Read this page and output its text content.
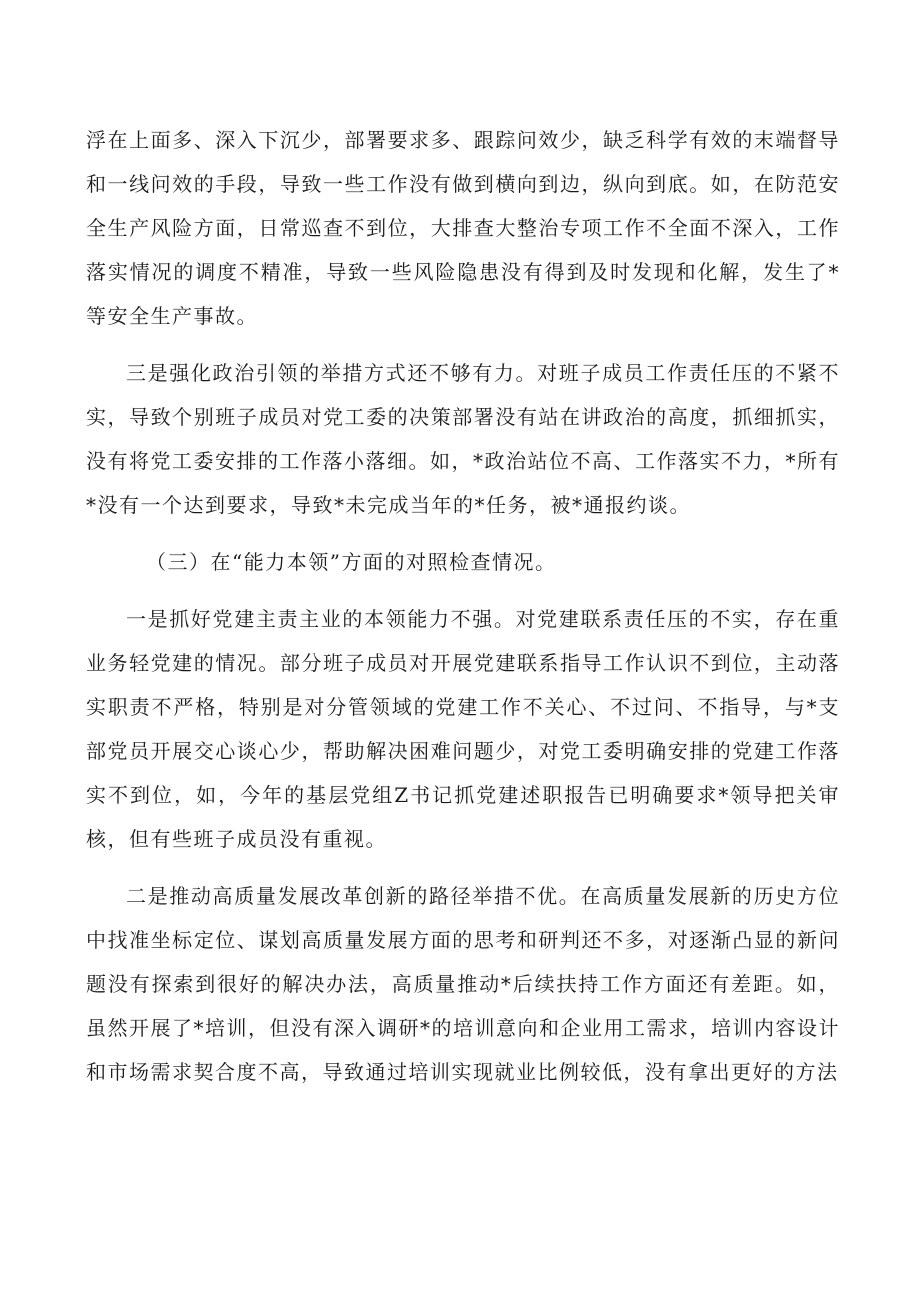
浮在上面多、深入下沉少，部署要求多、跟踪问效少，缺乏科学有效的末端督导和一线问效的手段，导致一些工作没有做到横向到边，纵向到底。如，在防范安全生产风险方面，日常巡查不到位，大排查大整治专项工作不全面不深入，工作落实情况的调度不精准，导致一些风险隐患没有得到及时发现和化解，发生了*等安全生产事故。

三是强化政治引领的举措方式还不够有力。对班子成员工作责任压的不紧不实，导致个别班子成员对党工委的决策部署没有站在讲政治的高度，抓细抓实，没有将党工委安排的工作落小落细。如，*政治站位不高、工作落实不力，*所有*没有一个达到要求，导致*未完成当年的*任务，被*通报约谈。

（三）在“能力本领”方面的对照检查情况。

一是抓好党建主责主业的本领能力不强。对党建联系责任压的不实，存在重业务轻党建的情况。部分班子成员对开展党建联系指导工作认识不到位，主动落实职责不严格，特别是对分管领域的党建工作不关心、不过问、不指导，与*支部党员开展交心谈心少，帮助解决困难问题少，对党工委明确安排的党建工作落实不到位，如，今年的基层党组Z书记抓党建述职报告已明确要求*领导把关审核，但有些班子成员没有重视。

二是推动高质量发展改革创新的路径举措不优。在高质量发展新的历史方位中找准坐标定位、谋划高质量发展方面的思考和研判还不多，对逐渐凸显的新问题没有探索到很好的解决办法，高质量推动*后续扶持工作方面还有差距。如，虽然开展了*培训，但没有深入调研*的培训意向和企业用工需求，培训内容设计和市场需求契合度不高，导致通过培训实现就业比例较低，没有拿出更好的方法
